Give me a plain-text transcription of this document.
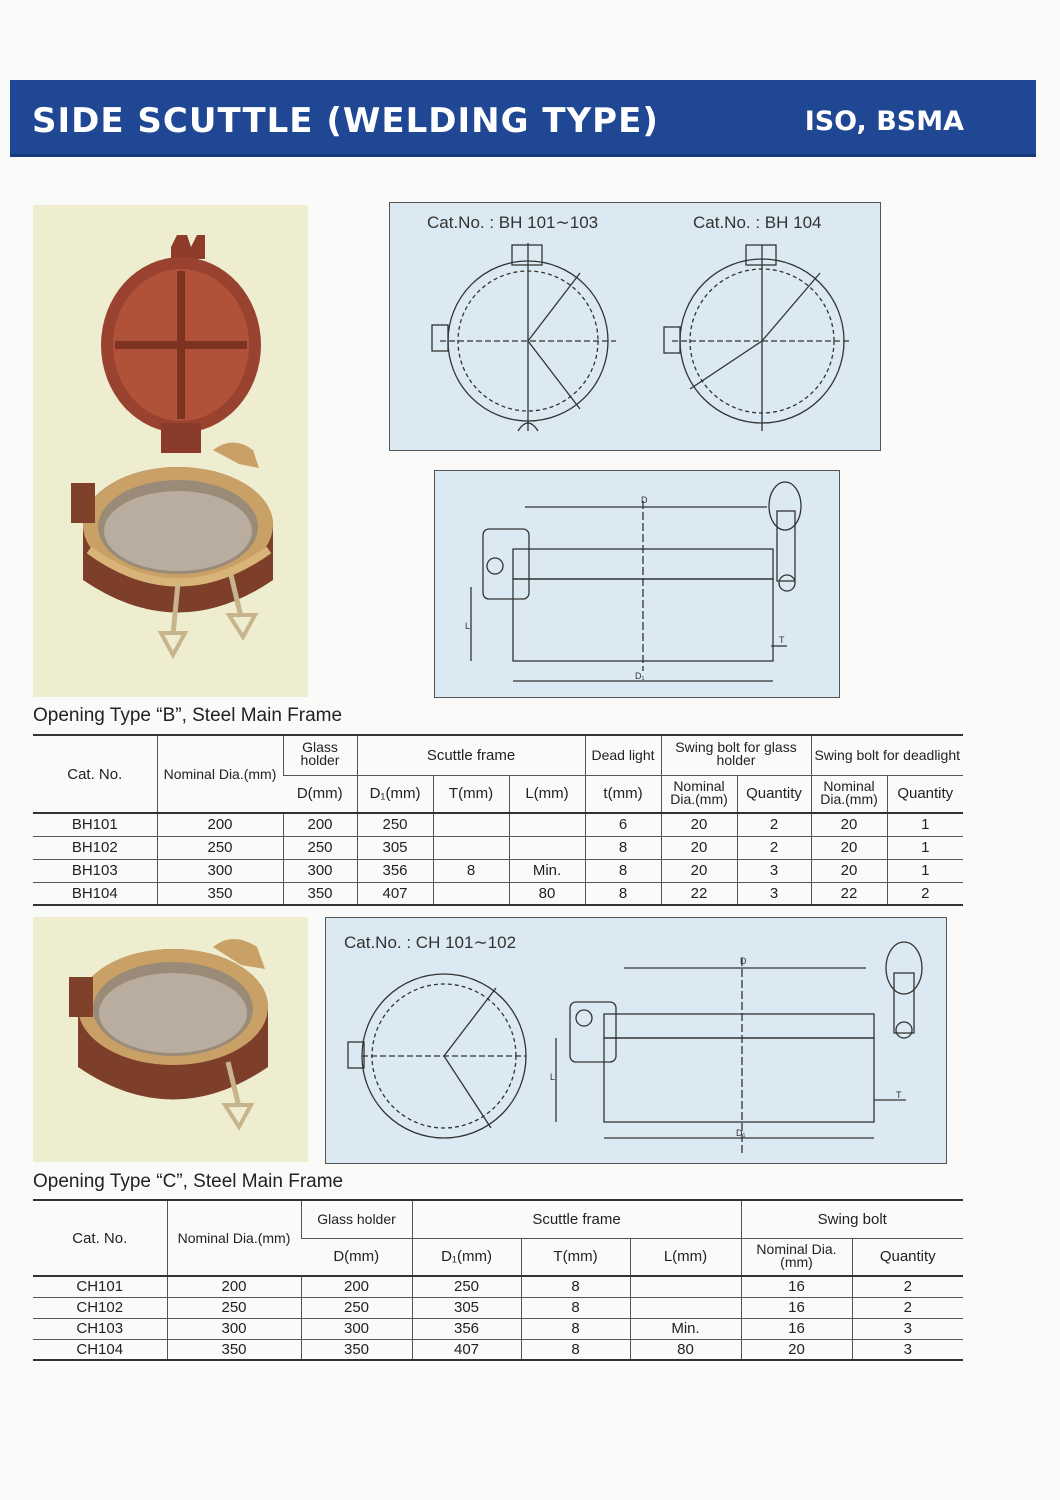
SIDE SCUTTLE (WELDING TYPE)	ISO, BSMA
Cat.No. : BH 101∼103	Cat.No. : BH 104
D
D₁
L
T
Opening Type “B”, Steel Main Frame
Cat. No.	Nominal Dia.(mm)	Glass holder	Scuttle frame			Dead light	Swing bolt for glass holder		Swing bolt for deadlight	
		D(mm)	D₁(mm)	T(mm)	L(mm)	t(mm)	Nominal Dia.(mm)	Quantity	Nominal Dia.(mm)	Quantity
BH101	200	200	250			6	20	2	20	1
BH102	250	250	305			8	20	2	20	1
BH103	300	300	356	8	Min.	8	20	3	20	1
BH104	350	350	407		80	8	22	3	22	2
Cat.No. : CH 101∼102
D
D₁
L
T
Opening Type “C”, Steel Main Frame
Cat. No.	Nominal Dia.(mm)	Glass holder	Scuttle frame			Swing bolt	
		D(mm)	D₁(mm)	T(mm)	L(mm)	Nominal Dia.(mm)	Quantity
CH101	200	200	250	8		16	2
CH102	250	250	305	8		16	2
CH103	300	300	356	8	Min.	16	3
CH104	350	350	407	8	80	20	3
